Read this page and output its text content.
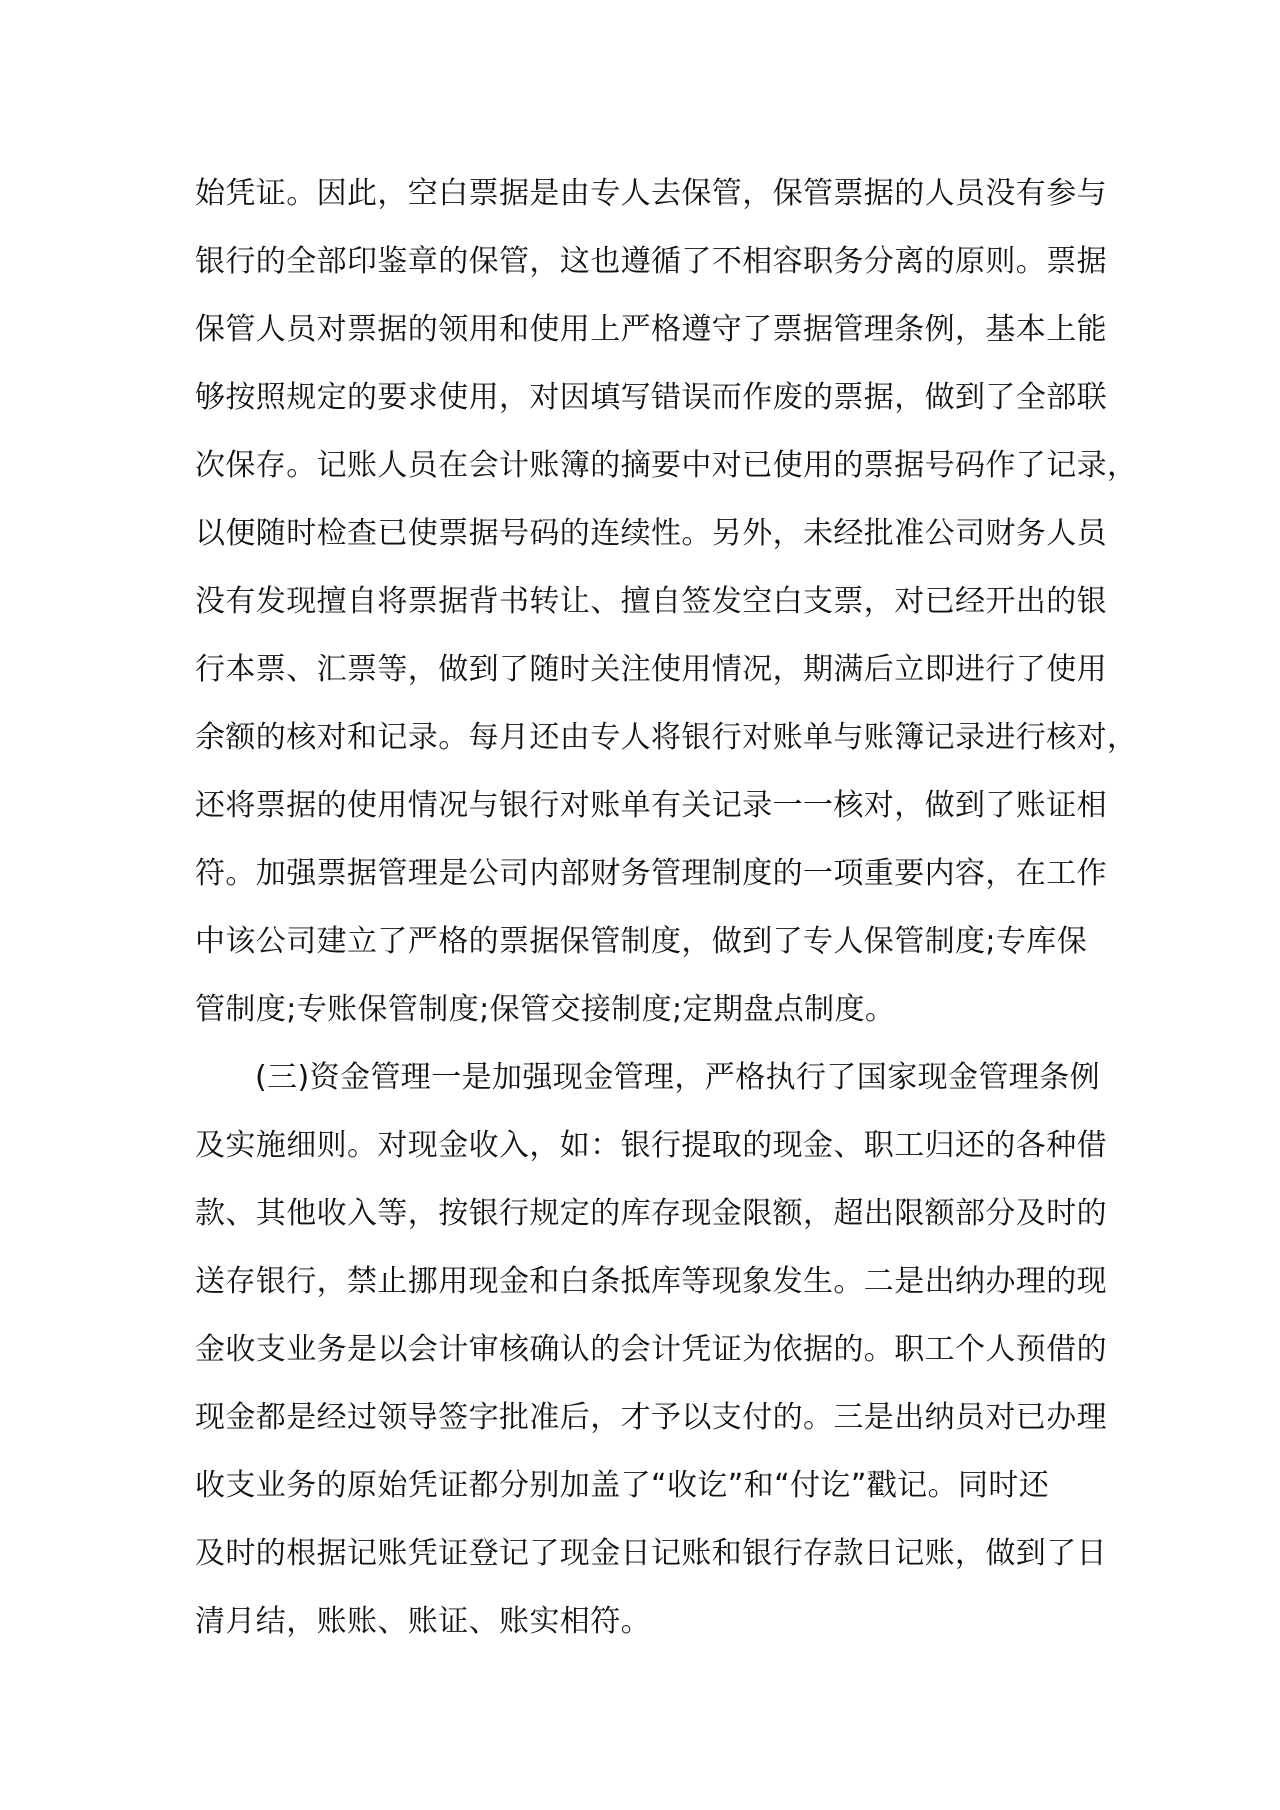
始凭证。因此，空白票据是由专人去保管，保管票据的人员没有参与
银行的全部印鉴章的保管，这也遵循了不相容职务分离的原则。票据
保管人员对票据的领用和使用上严格遵守了票据管理条例，基本上能
够按照规定的要求使用，对因填写错误而作废的票据，做到了全部联
次保存。记账人员在会计账簿的摘要中对已使用的票据号码作了记录，
以便随时检查已使票据号码的连续性。另外，未经批准公司财务人员
没有发现擅自将票据背书转让、擅自签发空白支票，对已经开出的银
行本票、汇票等，做到了随时关注使用情况，期满后立即进行了使用
余额的核对和记录。每月还由专人将银行对账单与账簿记录进行核对，
还将票据的使用情况与银行对账单有关记录一一核对，做到了账证相
符。加强票据管理是公司内部财务管理制度的一项重要内容，在工作
中该公司建立了严格的票据保管制度，做到了专人保管制度;专库保
管制度;专账保管制度;保管交接制度;定期盘点制度。
(三)资金管理一是加强现金管理，严格执行了国家现金管理条例
及实施细则。对现金收入，如：银行提取的现金、职工归还的各种借
款、其他收入等，按银行规定的库存现金限额，超出限额部分及时的
送存银行，禁止挪用现金和白条抵库等现象发生。二是出纳办理的现
金收支业务是以会计审核确认的会计凭证为依据的。职工个人预借的
现金都是经过领导签字批准后，才予以支付的。三是出纳员对已办理
收支业务的原始凭证都分别加盖了“收讫”和“付讫”戳记。同时还
及时的根据记账凭证登记了现金日记账和银行存款日记账，做到了日
清月结，账账、账证、账实相符。
